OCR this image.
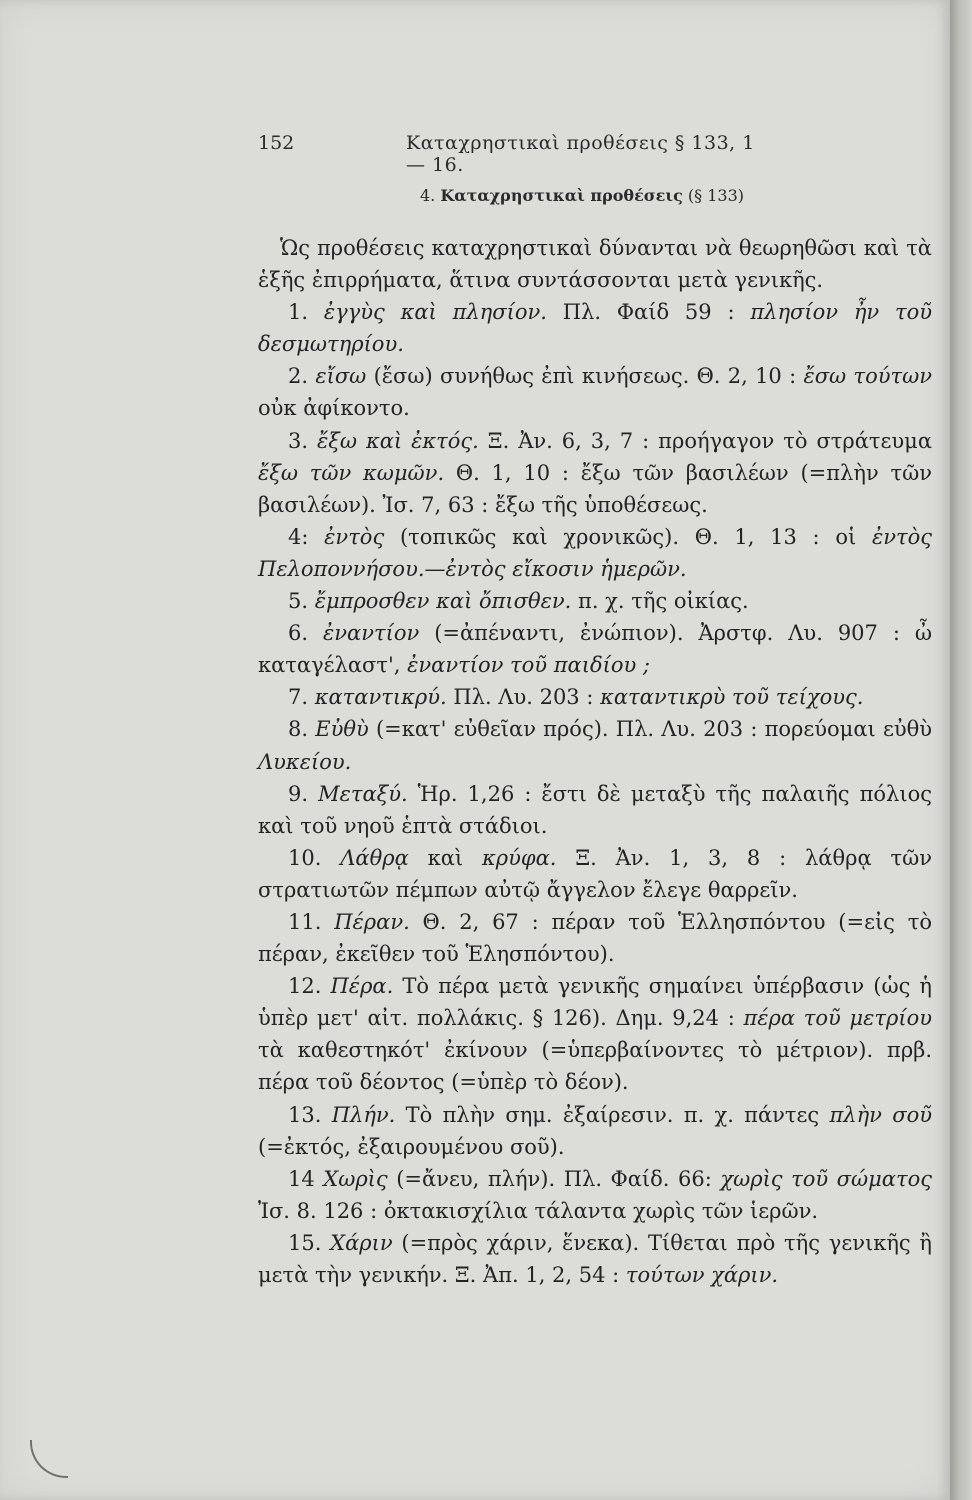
152	Καταχρηστικαὶ προθέσεις § 133, 1 — 16.
4. Καταχρηστικαὶ προθέσεις (§ 133)

Ὡς προθέσεις καταχρηστικαὶ δύνανται νὰ θεωρηθῶσι καὶ τὰ ἑξῆς ἐπιρρήματα, ἅτινα συντάσσονται μετὰ γενικῆς.

1. ἐγγὺς καὶ πλησίον. Πλ. Φαίδ 59 : πλησίον ἦν τοῦ δεσμωτηρίου.

2. εἴσω (ἔσω) συνήθως ἐπὶ κινήσεως. Θ. 2, 10 : ἔσω τούτων οὐκ ἀφίκοντο.

3. ἔξω καὶ ἐκτός. Ξ. Ἀν. 6, 3, 7 : προήγαγον τὸ στράτευμα ἔξω τῶν κωμῶν. Θ. 1, 10 : ἔξω τῶν βασιλέων (=πλὴν τῶν βασιλέων). Ἰσ. 7, 63 : ἔξω τῆς ὑποθέσεως.

4: ἐντὸς (τοπικῶς καὶ χρονικῶς). Θ. 1, 13 : οἱ ἐντὸς Πελοποννήσου.—ἐντὸς εἴκοσιν ἡμερῶν.

5. ἔμπροσθεν καὶ ὄπισθεν. π. χ. τῆς οἰκίας.

6. ἐναντίον (=ἀπέναντι, ἐνώπιον). Ἀρστφ. Λυ. 907 : ὦ καταγέλαστ', ἐναντίον τοῦ παιδίου ;

7. καταντικρύ. Πλ. Λυ. 203 : καταντικρὺ τοῦ τείχους.

8. Εὐθὺ (=κατ' εὐθεῖαν πρός). Πλ. Λυ. 203 : πορεύομαι εὐθὺ Λυκείου.

9. Μεταξύ. Ἡρ. 1,26 : ἔστι δὲ μεταξὺ τῆς παλαιῆς πόλιος καὶ τοῦ νηοῦ ἑπτὰ στάδιοι.

10. Λάθρᾳ καὶ κρύφα. Ξ. Ἀν. 1, 3, 8 : λάθρᾳ τῶν στρατιωτῶν πέμπων αὐτῷ ἄγγελον ἔλεγε θαρρεῖν.

11. Πέραν. Θ. 2, 67 : πέραν τοῦ Ἑλλησπόντου (=εἰς τὸ πέραν, ἐκεῖθεν τοῦ Ἑλησπόντου).

12. Πέρα. Τὸ πέρα μετὰ γενικῆς σημαίνει ὑπέρβασιν (ὡς ἡ ὑπὲρ μετ' αἰτ. πολλάκις. § 126). Δημ. 9,24 : πέρα τοῦ μετρίου τὰ καθεστηκότ' ἐκίνουν (=ὑπερβαίνοντες τὸ μέτριον). πρβ. πέρα τοῦ δέοντος (=ὑπὲρ τὸ δέον).

13. Πλήν. Τὸ πλὴν σημ. ἐξαίρεσιν. π. χ. πάντες πλὴν σοῦ (=ἐκτός, ἐξαιρουμένου σοῦ).

14 Χωρὶς (=ἄνευ, πλήν). Πλ. Φαίδ. 66: χωρὶς τοῦ σώματος Ἰσ. 8. 126 : ὀκτακισχίλια τάλαντα χωρὶς τῶν ἱερῶν.

15. Χάριν (=πρὸς χάριν, ἕνεκα). Τίθεται πρὸ τῆς γενικῆς ἢ μετὰ τὴν γενικήν. Ξ. Ἀπ. 1, 2, 54 : τούτων χάριν.
